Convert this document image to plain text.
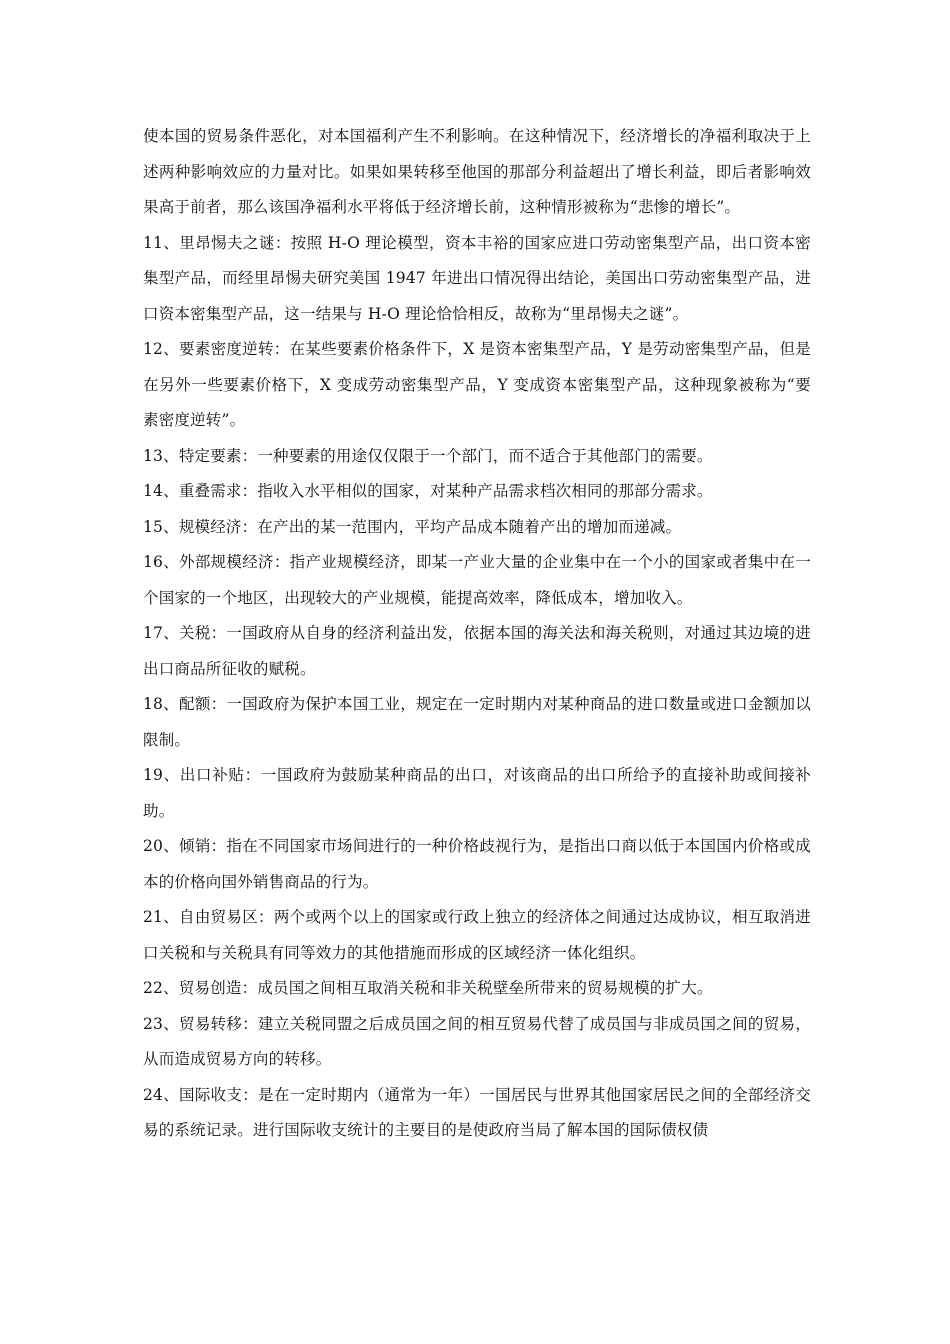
使本国的贸易条件恶化，对本国福利产生不利影响。在这种情况下，经济增长的净福利取决于上述两种影响效应的力量对比。如果如果转移至他国的那部分利益超出了增长利益，即后者影响效果高于前者，那么该国净福利水平将低于经济增长前，这种情形被称为“悲惨的增长”。

11、里昂惕夫之谜：按照 H-O 理论模型，资本丰裕的国家应进口劳动密集型产品，出口资本密集型产品，而经里昂惕夫研究美国 1947 年进出口情况得出结论，美国出口劳动密集型产品，进口资本密集型产品，这一结果与 H-O 理论恰恰相反，故称为“里昂惕夫之谜”。

12、要素密度逆转：在某些要素价格条件下，X 是资本密集型产品，Y 是劳动密集型产品，但是在另外一些要素价格下，X 变成劳动密集型产品，Y 变成资本密集型产品，这种现象被称为“要素密度逆转”。

13、特定要素：一种要素的用途仅仅限于一个部门，而不适合于其他部门的需要。

14、重叠需求：指收入水平相似的国家，对某种产品需求档次相同的那部分需求。

15、规模经济：在产出的某一范围内，平均产品成本随着产出的增加而递减。

16、外部规模经济：指产业规模经济，即某一产业大量的企业集中在一个小的国家或者集中在一个国家的一个地区，出现较大的产业规模，能提高效率，降低成本，增加收入。

17、关税：一国政府从自身的经济利益出发，依据本国的海关法和海关税则，对通过其边境的进出口商品所征收的赋税。

18、配额：一国政府为保护本国工业，规定在一定时期内对某种商品的进口数量或进口金额加以限制。

19、出口补贴：一国政府为鼓励某种商品的出口，对该商品的出口所给予的直接补助或间接补助。

20、倾销：指在不同国家市场间进行的一种价格歧视行为，是指出口商以低于本国国内价格或成本的价格向国外销售商品的行为。

21、自由贸易区：两个或两个以上的国家或行政上独立的经济体之间通过达成协议，相互取消进口关税和与关税具有同等效力的其他措施而形成的区域经济一体化组织。

22、贸易创造：成员国之间相互取消关税和非关税壁垒所带来的贸易规模的扩大。

23、贸易转移：建立关税同盟之后成员国之间的相互贸易代替了成员国与非成员国之间的贸易，从而造成贸易方向的转移。

24、国际收支：是在一定时期内（通常为一年）一国居民与世界其他国家居民之间的全部经济交易的系统记录。进行国际收支统计的主要目的是使政府当局了解本国的国际债权债
